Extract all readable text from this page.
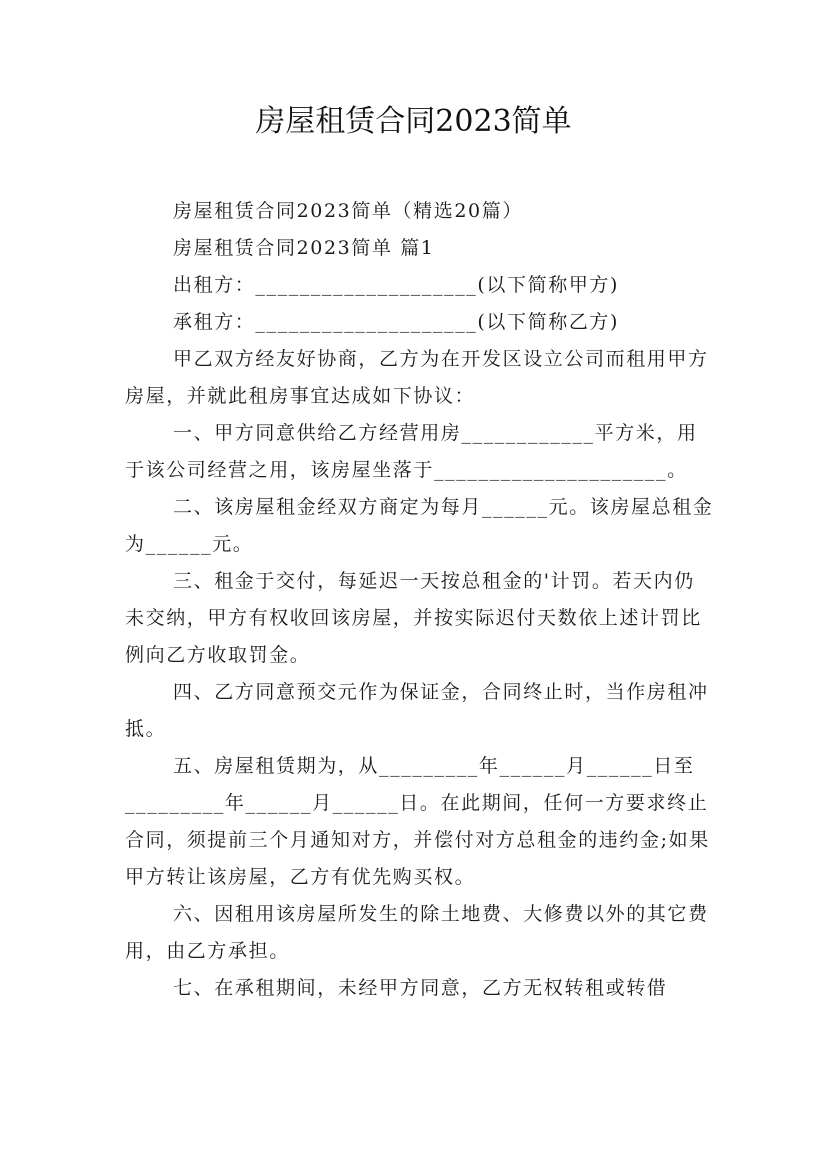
房屋租赁合同2023简单

房屋租赁合同2023简单（精选20篇）

房屋租赁合同2023简单 篇1

出租方：____________________(以下简称甲方)

承租方：____________________(以下简称乙方)

甲乙双方经友好协商，乙方为在开发区设立公司而租用甲方房屋，并就此租房事宜达成如下协议：

一、甲方同意供给乙方经营用房____________平方米，用于该公司经营之用，该房屋坐落于_____________________。

二、该房屋租金经双方商定为每月______元。该房屋总租金为______元。

三、租金于交付，每延迟一天按总租金的'计罚。若天内仍未交纳，甲方有权收回该房屋，并按实际迟付天数依上述计罚比例向乙方收取罚金。

四、乙方同意预交元作为保证金，合同终止时，当作房租冲抵。

五、房屋租赁期为，从_________年______月______日至_________年______月______日。在此期间，任何一方要求终止合同，须提前三个月通知对方，并偿付对方总租金的违约金;如果甲方转让该房屋，乙方有优先购买权。

六、因租用该房屋所发生的除土地费、大修费以外的其它费用，由乙方承担。

七、在承租期间，未经甲方同意，乙方无权转租或转借
